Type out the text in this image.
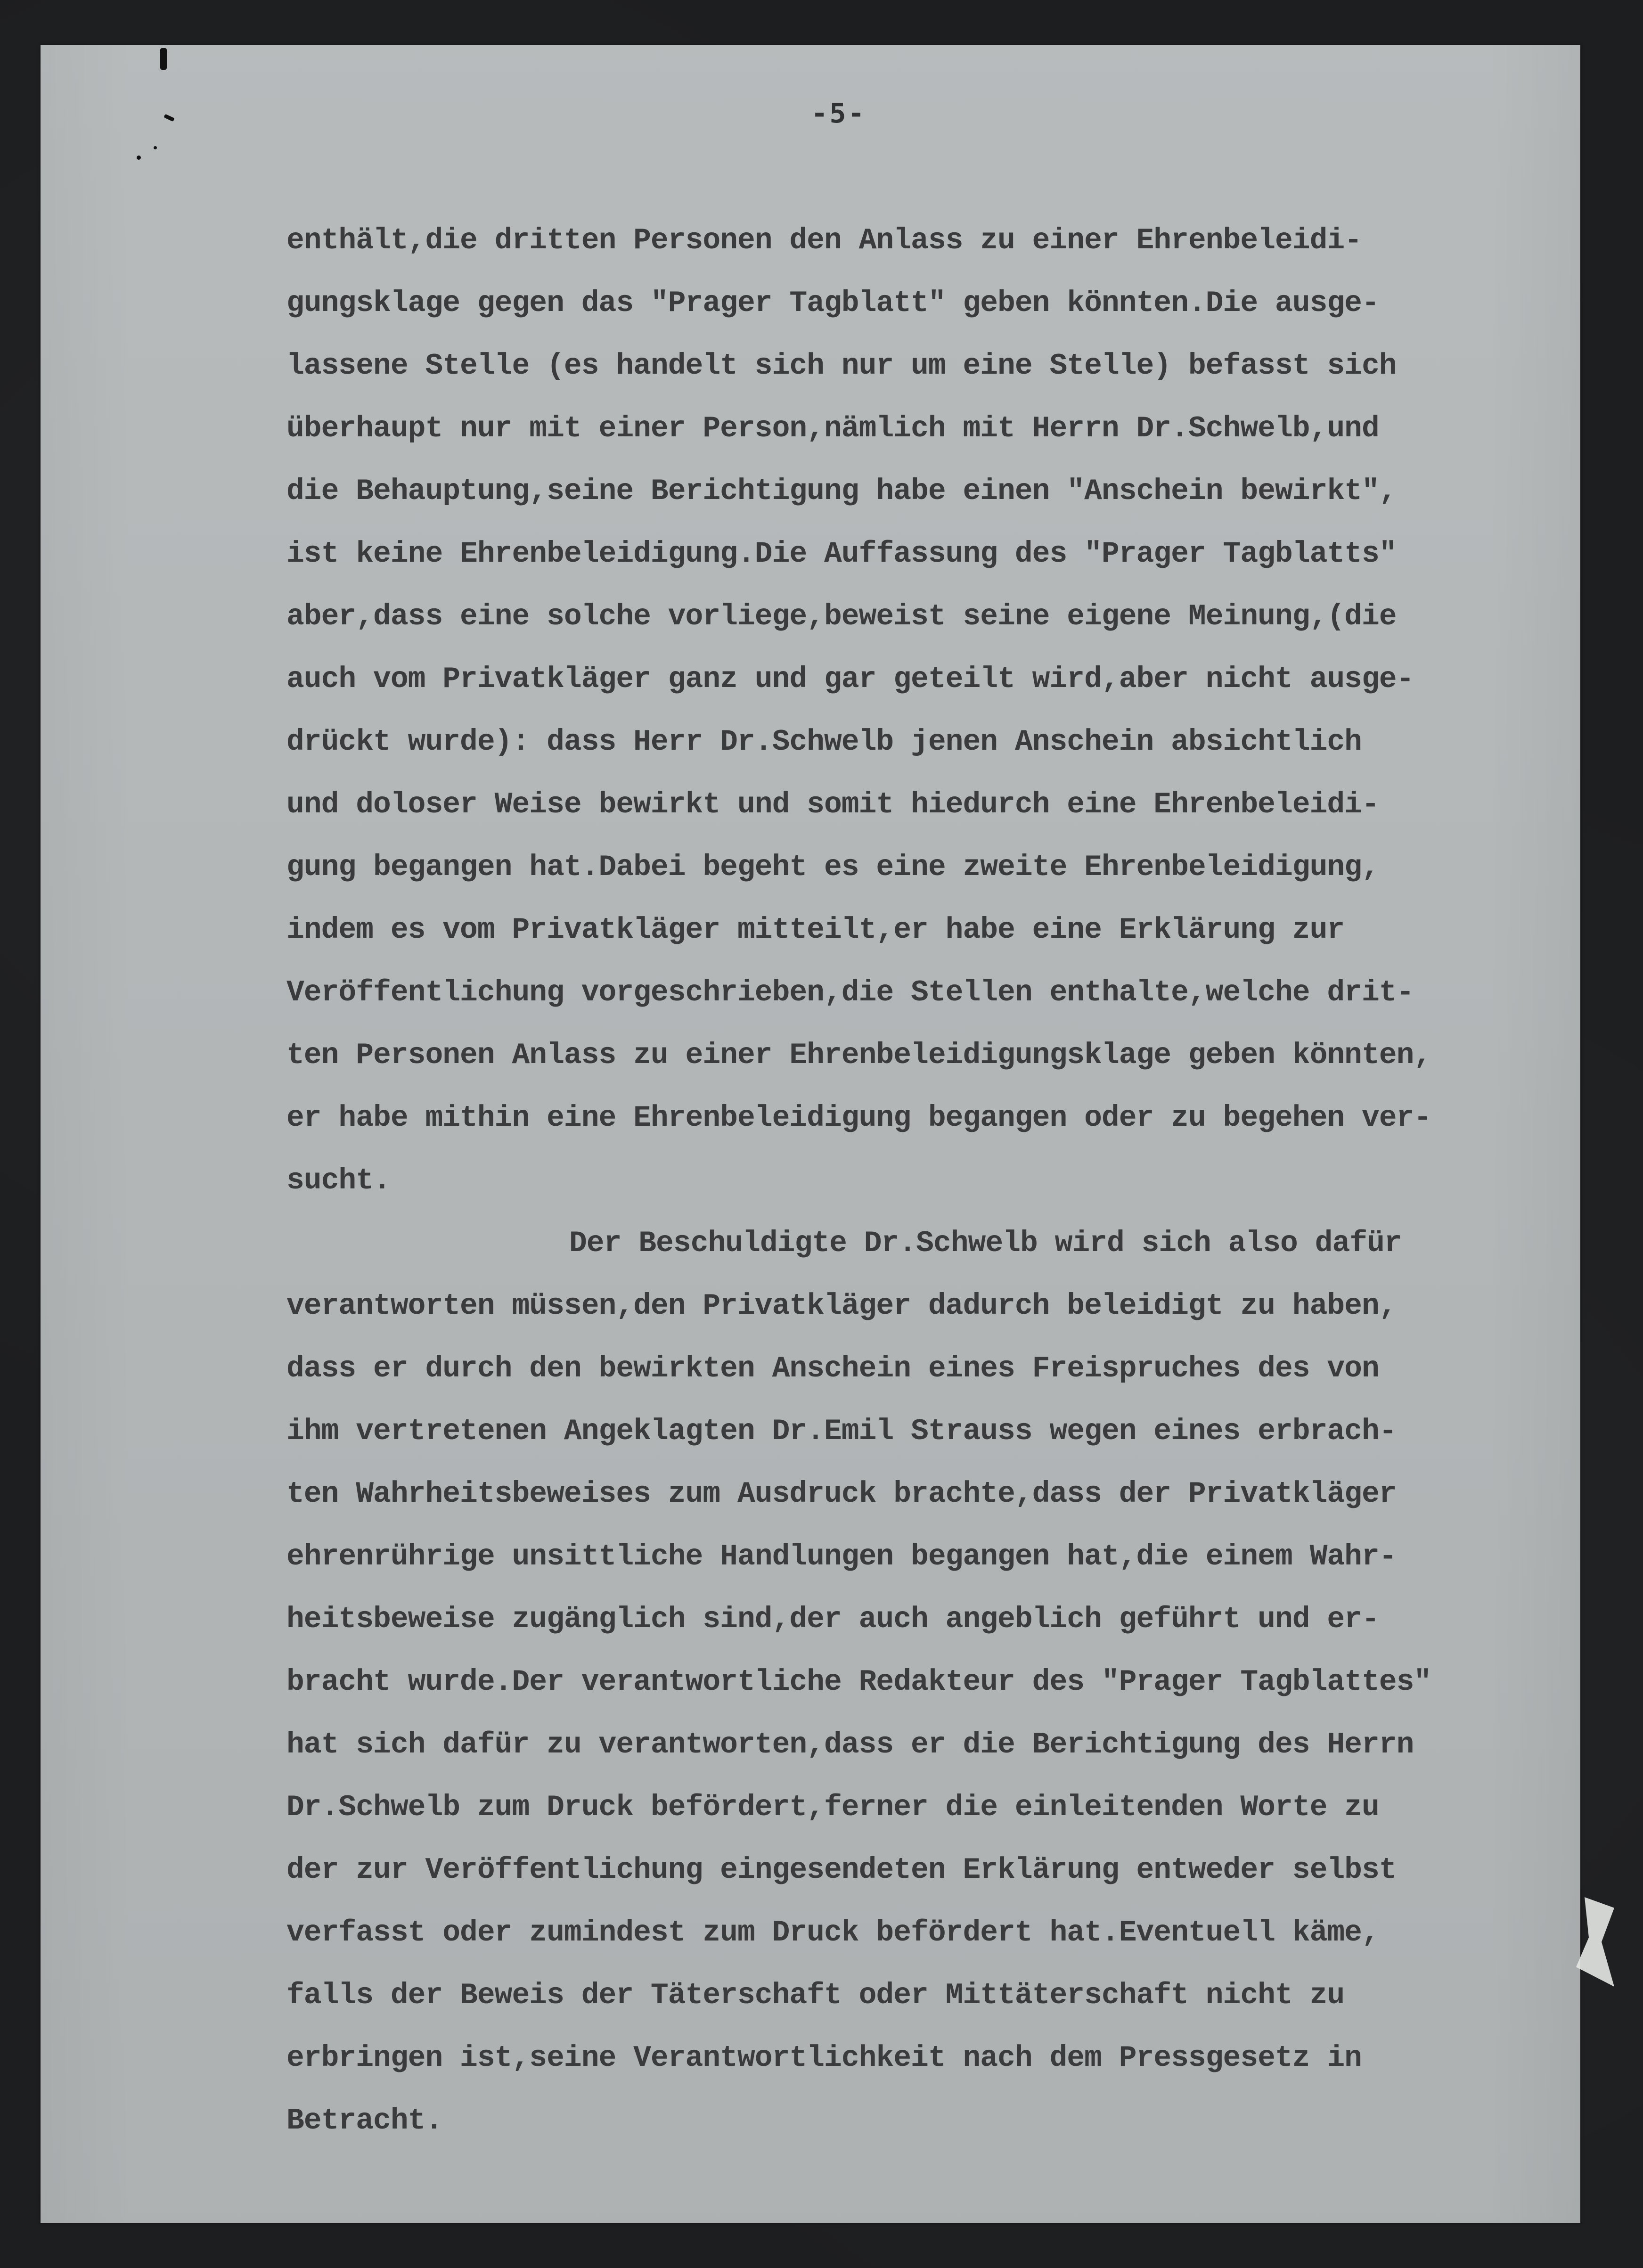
-5-
enthält,die dritten Personen den Anlass zu einer Ehrenbeleidi-
gungsklage gegen das "Prager Tagblatt" geben könnten.Die ausge-
lassene Stelle (es handelt sich nur um eine Stelle) befasst sich
überhaupt nur mit einer Person,nämlich mit Herrn Dr.Schwelb,und
die Behauptung,seine Berichtigung habe einen "Anschein bewirkt",
ist keine Ehrenbeleidigung.Die Auffassung des "Prager Tagblatts"
aber,dass eine solche vorliege,beweist seine eigene Meinung,(die
auch vom Privatkläger ganz und gar geteilt wird,aber nicht ausge-
drückt wurde): dass Herr Dr.Schwelb jenen Anschein absichtlich
und doloser Weise bewirkt und somit hiedurch eine Ehrenbeleidi-
gung begangen hat.Dabei begeht es eine zweite Ehrenbeleidigung,
indem es vom Privatkläger mitteilt,er habe eine Erklärung zur
Veröffentlichung vorgeschrieben,die Stellen enthalte,welche drit-
ten Personen Anlass zu einer Ehrenbeleidigungsklage geben könnten,
er habe mithin eine Ehrenbeleidigung begangen oder zu begehen ver-
sucht.
Der Beschuldigte Dr.Schwelb wird sich also dafür
verantworten müssen,den Privatkläger dadurch beleidigt zu haben,
dass er durch den bewirkten Anschein eines Freispruches des von
ihm vertretenen Angeklagten Dr.Emil Strauss wegen eines erbrach-
ten Wahrheitsbeweises zum Ausdruck brachte,dass der Privatkläger
ehrenrührige unsittliche Handlungen begangen hat,die einem Wahr-
heitsbeweise zugänglich sind,der auch angeblich geführt und er-
bracht wurde.Der verantwortliche Redakteur des "Prager Tagblattes"
hat sich dafür zu verantworten,dass er die Berichtigung des Herrn
Dr.Schwelb zum Druck befördert,ferner die einleitenden Worte zu
der zur Veröffentlichung eingesendeten Erklärung entweder selbst
verfasst oder zumindest zum Druck befördert hat.Eventuell käme,
falls der Beweis der Täterschaft oder Mittäterschaft nicht zu
erbringen ist,seine Verantwortlichkeit nach dem Pressgesetz in
Betracht.
